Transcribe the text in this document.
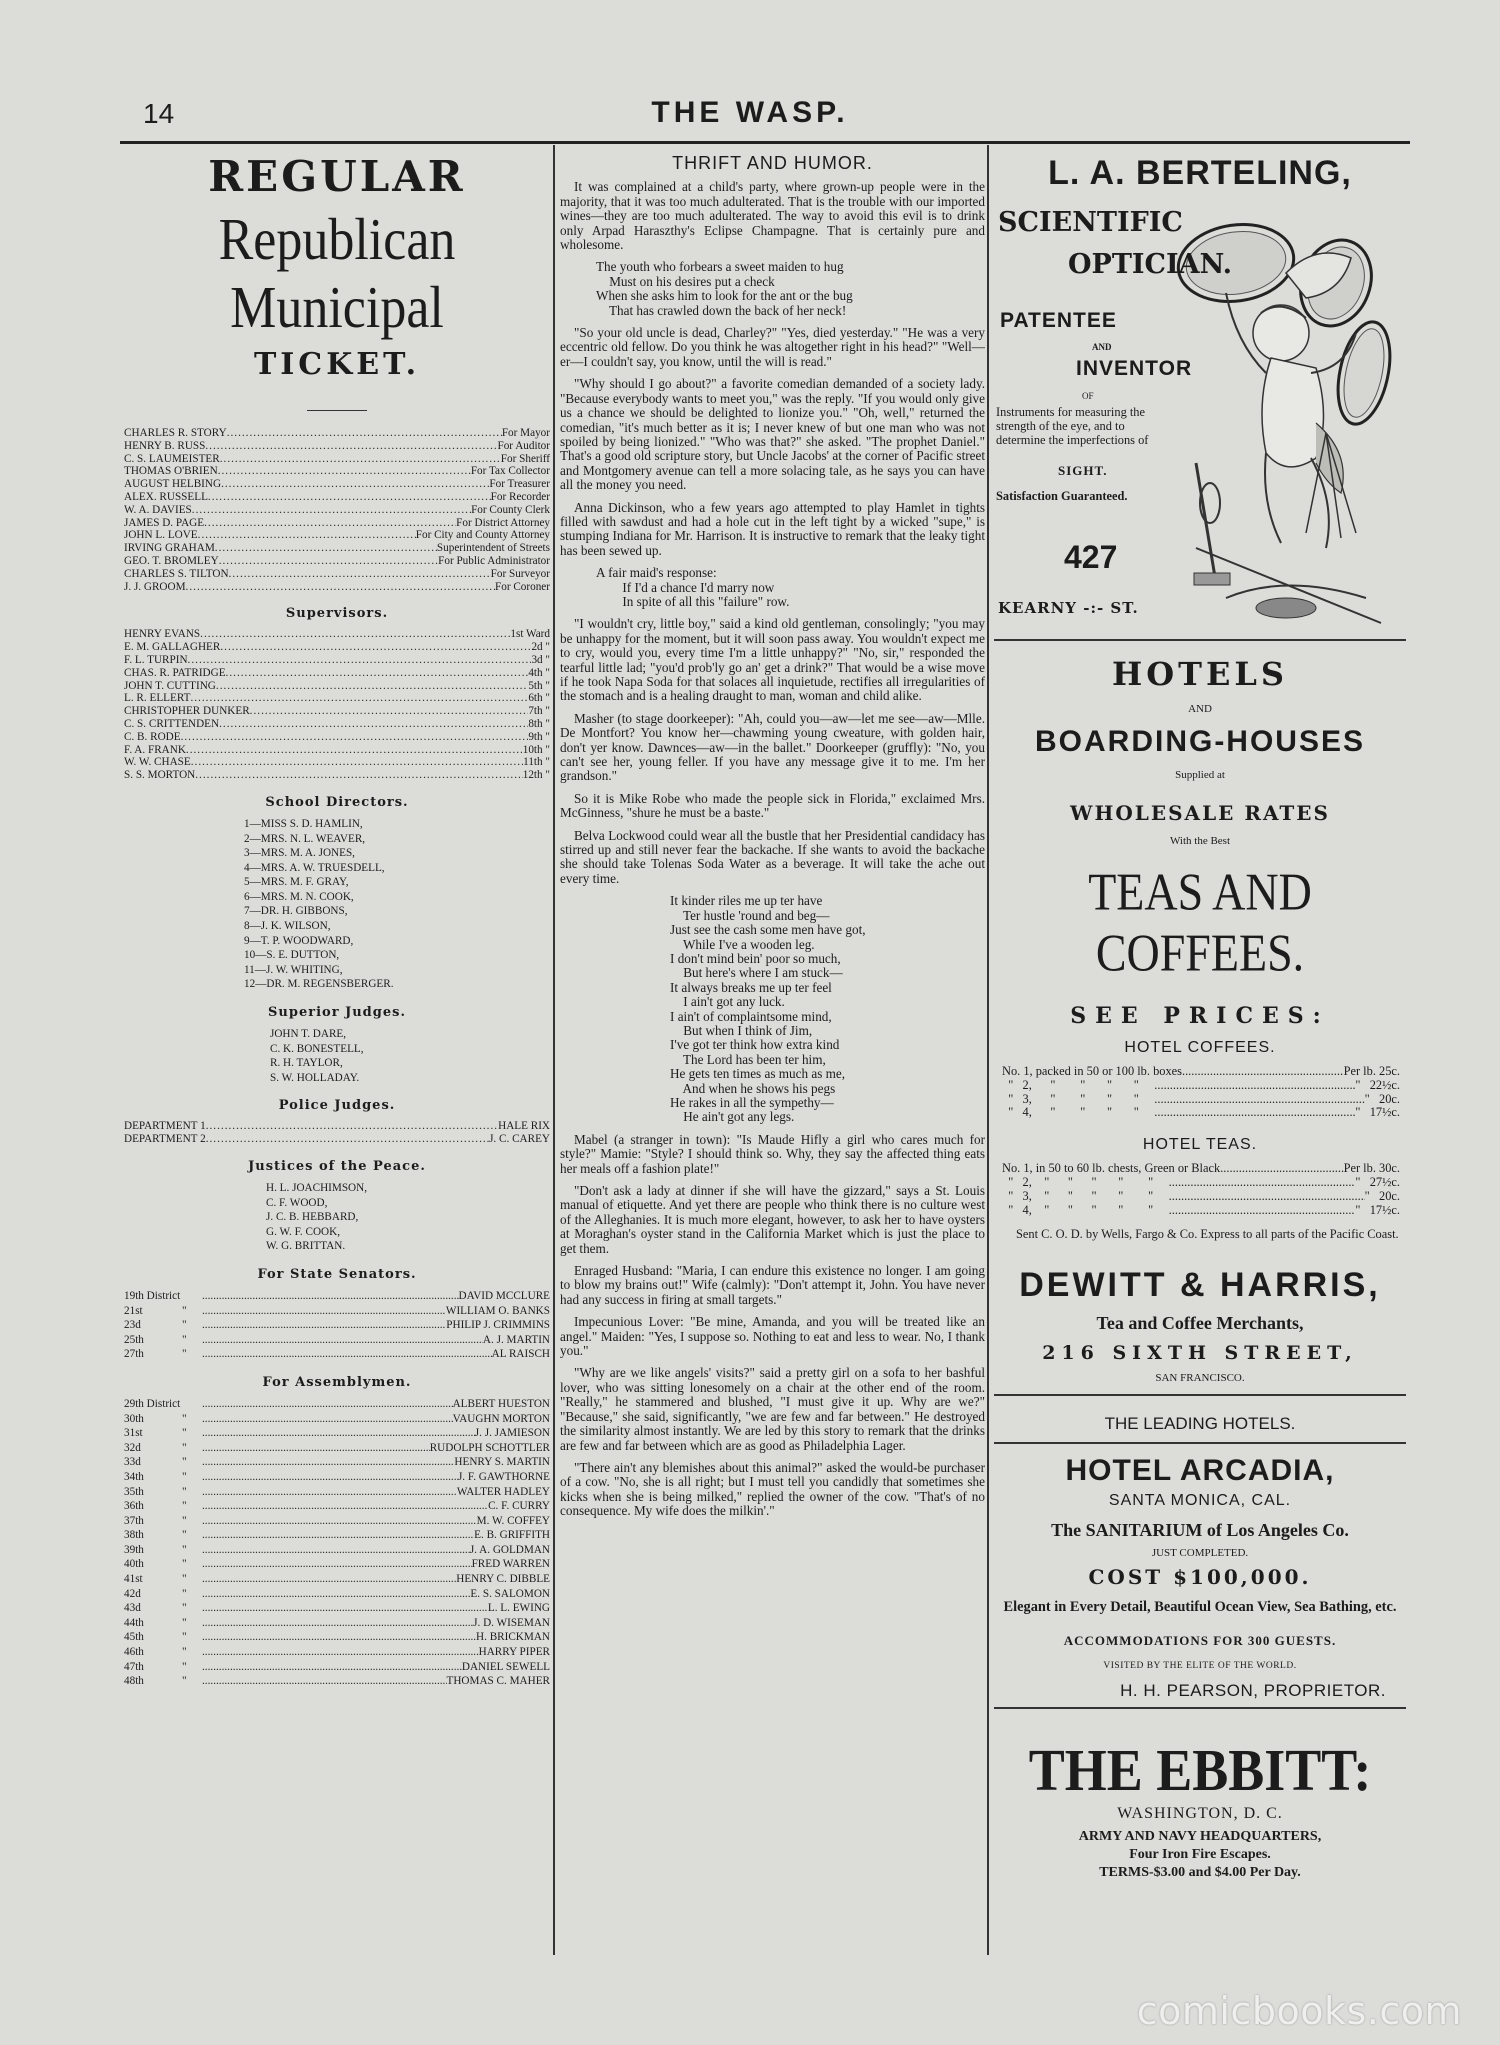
14	THE WASP.
REGULAR
Republican Municipal
TICKET.
CHARLES R. STORY .....	For Mayor
HENRY B. RUSS .....	For Auditor
C. S. LAUMEISTER .....	For Sheriff
THOMAS O'BRIEN .....	For Tax Collector
AUGUST HELBING .....	For Treasurer
ALEX. RUSSELL .....	For Recorder
W. A. DAVIES .....	For County Clerk
JAMES D. PAGE .....	For District Attorney
JOHN L. LOVE .....	For City and County Attorney
IRVING GRAHAM .....	Superintendent of Streets
GEO. T. BROMLEY .....	For Public Administrator
CHARLES S. TILTON .....	For Surveyor
J. J. GROOM .....	For Coroner
Supervisors.
HENRY EVANS .....	1st Ward
E. M. GALLAGHER .....	2d "
F. L. TURPIN .....	3d "
CHAS. R. PATRIDGE .....	4th "
JOHN T. CUTTING .....	5th "
L. R. ELLERT .....	6th "
CHRISTOPHER DUNKER .....	7th "
C. S. CRITTENDEN .....	8th "
C. B. RODE .....	9th "
F. A. FRANK .....	10th "
W. W. CHASE .....	11th "
S. S. MORTON .....	12th "
School Directors.
1—MISS S. D. HAMLIN,
2—MRS. N. L. WEAVER,
3—MRS. M. A. JONES,
4—MRS. A. W. TRUESDELL,
5—MRS. M. F. GRAY,
6—MRS. M. N. COOK,
7—DR. H. GIBBONS,
8—J. K. WILSON,
9—T. P. WOODWARD,
10—S. E. DUTTON,
11—J. W. WHITING,
12—DR. M. REGENSBERGER.
Superior Judges.
JOHN T. DARE,
C. K. BONESTELL,
R. H. TAYLOR,
S. W. HOLLADAY.
Police Judges.
DEPARTMENT 1 .....	HALE RIX
DEPARTMENT 2 .....	J. C. CAREY
Justices of the Peace.
H. L. JOACHIMSON,
C. F. WOOD,
J. C. B. HEBBARD,
G. W. F. COOK,
W. G. BRITTAN.
For State Senators.
19th District .....	DAVID MCCLURE
21st	" .....	WILLIAM O. BANKS
23d	" .....	PHILIP J. CRIMMINS
25th	" .....	A. J. MARTIN
27th	" .....	AL RAISCH
For Assemblymen.
29th District .....	ALBERT HUESTON
30th	" .....	VAUGHN MORTON
31st	" .....	J. J. JAMIESON
32d	" .....	RUDOLPH SCHOTTLER
33d	" .....	HENRY S. MARTIN
34th	" .....	J. F. GAWTHORNE
35th	" .....	WALTER HADLEY
36th	" .....	C. F. CURRY
37th	" .....	M. W. COFFEY
38th	" .....	E. B. GRIFFITH
39th	" .....	J. A. GOLDMAN
40th	" .....	FRED WARREN
41st	" .....	HENRY C. DIBBLE
42d	" .....	E. S. SALOMON
43d	" .....	L. L. EWING
44th	" .....	J. D. WISEMAN
45th	" .....	H. BRICKMAN
46th	" .....	HARRY PIPER
47th	" .....	DANIEL SEWELL
48th	" .....	THOMAS C. MAHER
THRIFT AND HUMOR.

It was complained at a child's party, where grown-up people were in the majority, that it was too much adulterated. That is the trouble with our imported wines—they are too much adulterated. The way to avoid this evil is to drink only Arpad Haraszthy's Eclipse Champagne. That is certainly pure and wholesome.

The youth who forbears a sweet maiden to hug
Must on his desires put a check
When she asks him to look for the ant or the bug
That has crawled down the back of her neck!

"So your old uncle is dead, Charley?" "Yes, died yesterday." "He was a very eccentric old fellow. Do you think he was altogether right in his head?" "Well—er—I couldn't say, you know, until the will is read."

"Why should I go about?" a favorite comedian demanded of a society lady. "Because everybody wants to meet you," was the reply. "If you would only give us a chance we should be delighted to lionize you." "Oh, well," returned the comedian, "it's much better as it is; I never knew of but one man who was not spoiled by being lionized." "Who was that?" she asked. "The prophet Daniel." That's a good old scripture story, but Uncle Jacobs' at the corner of Pacific street and Montgomery avenue can tell a more solacing tale, as he says you can have all the money you need.

Anna Dickinson, who a few years ago attempted to play Hamlet in tights filled with sawdust and had a hole cut in the left tight by a wicked "supe," is stumping Indiana for Mr. Harrison. It is instructive to remark that the leaky tight has been sewed up.

A fair maid's response:
If I'd a chance I'd marry now
In spite of all this "failure" row.

"I wouldn't cry, little boy," said a kind old gentleman, consolingly; "you may be unhappy for the moment, but it will soon pass away. You wouldn't expect me to cry, would you, every time I'm a little unhappy?" "No, sir," responded the tearful little lad; "you'd prob'ly go an' get a drink?" That would be a wise move if he took Napa Soda for that solaces all inquietude, rectifies all irregularities of the stomach and is a healing draught to man, woman and child alike.

Masher (to stage doorkeeper): "Ah, could you—aw—let me see—aw—Mlle. De Montfort? You know her—chawming young cweature, with golden hair, don't yer know. Dawnces—aw—in the ballet." Doorkeeper (gruffly): "No, you can't see her, young feller. If you have any message give it to me. I'm her grandson."

So it is Mike Robe who made the people sick in Florida," exclaimed Mrs. McGinness, "shure he must be a baste."

Belva Lockwood could wear all the bustle that her Presidential candidacy has stirred up and still never fear the backache. If she wants to avoid the backache she should take Tolenas Soda Water as a beverage. It will take the ache out every time.

It kinder riles me up ter have
Ter hustle 'round and beg—
Just see the cash some men have got,
While I've a wooden leg.
I don't mind bein' poor so much,
But here's where I am stuck—
It always breaks me up ter feel
I ain't got any luck.
I ain't of complaintsome mind,
But when I think of Jim,
I've got ter think how extra kind
The Lord has been ter him,
He gets ten times as much as me,
And when he shows his pegs
He rakes in all the sympethy—
He ain't got any legs.

Mabel (a stranger in town): "Is Maude Hifly a girl who cares much for style?" Mamie: "Style? I should think so. Why, they say the affected thing eats her meals off a fashion plate!"

"Don't ask a lady at dinner if she will have the gizzard," says a St. Louis manual of etiquette. And yet there are people who think there is no culture west of the Alleghanies. It is much more elegant, however, to ask her to have oysters at Moraghan's oyster stand in the California Market which is just the place to get them.

Enraged Husband: "Maria, I can endure this existence no longer. I am going to blow my brains out!" Wife (calmly): "Don't attempt it, John. You have never had any success in firing at small targets."

Impecunious Lover: "Be mine, Amanda, and you will be treated like an angel." Maiden: "Yes, I suppose so. Nothing to eat and less to wear. No, I thank you."

"Why are we like angels' visits?" said a pretty girl on a sofa to her bashful lover, who was sitting lonesomely on a chair at the other end of the room. "Really," he stammered and blushed, "I must give it up. Why are we?" "Because," she said, significantly, "we are few and far between." He destroyed the similarity almost instantly. We are led by this story to remark that the drinks are few and far between which are as good as Philadelphia Lager.

"There ain't any blemishes about this animal?" asked the would-be purchaser of a cow. "No, she is all right; but I must tell you candidly that sometimes she kicks when she is being milked," replied the owner of the cow. "That's of no consequence. My wife does the milkin'."

L. A. BERTELING,
SCIENTIFIC
OPTICIAN.
PATENTEE
AND
INVENTOR
OF
Instruments for measuring the strength of the eye, and to determine the imperfections of
SIGHT.
Satisfaction Guaranteed.
427
KEARNY -:- ST.
HOTELS
AND
BOARDING-HOUSES
Supplied at
WHOLESALE RATES
With the Best
TEAS AND COFFEES.
SEE PRICES:
HOTEL COFFEES.
No. 1, packed in 50 or 100 lb. boxes .....	Per lb. 25c.
"   2,      "        "       "       " .....	"   22½c.
"   3,      "        "       "       " .....	"   20c.
"   4,      "        "       "       " .....	"   17½c.
HOTEL TEAS.
No. 1, in 50 to 60 lb. chests, Green or Black .....	Per lb. 30c.
"   2,    "      "      "       "        " .....	"   27½c.
"   3,    "      "      "       "        " .....	"   20c.
"   4,    "      "      "       "        " .....	"   17½c.
Sent C. O. D. by Wells, Fargo & Co. Express to all parts of the Pacific Coast.
DEWITT & HARRIS,
Tea and Coffee Merchants,
216 SIXTH STREET,
SAN FRANCISCO.
THE LEADING HOTELS.
HOTEL ARCADIA,
SANTA MONICA, CAL.
The SANITARIUM of Los Angeles Co.
JUST COMPLETED.
COST $100,000.
Elegant in Every Detail, Beautiful Ocean View, Sea Bathing, etc.
ACCOMMODATIONS FOR 300 GUESTS.
VISITED BY THE ELITE OF THE WORLD.
H. H. PEARSON, PROPRIETOR.
THE EBBITT:
WASHINGTON, D. C.
ARMY AND NAVY HEADQUARTERS,
Four Iron Fire Escapes.
TERMS-$3.00 and $4.00 Per Day.
comicbooks.com
